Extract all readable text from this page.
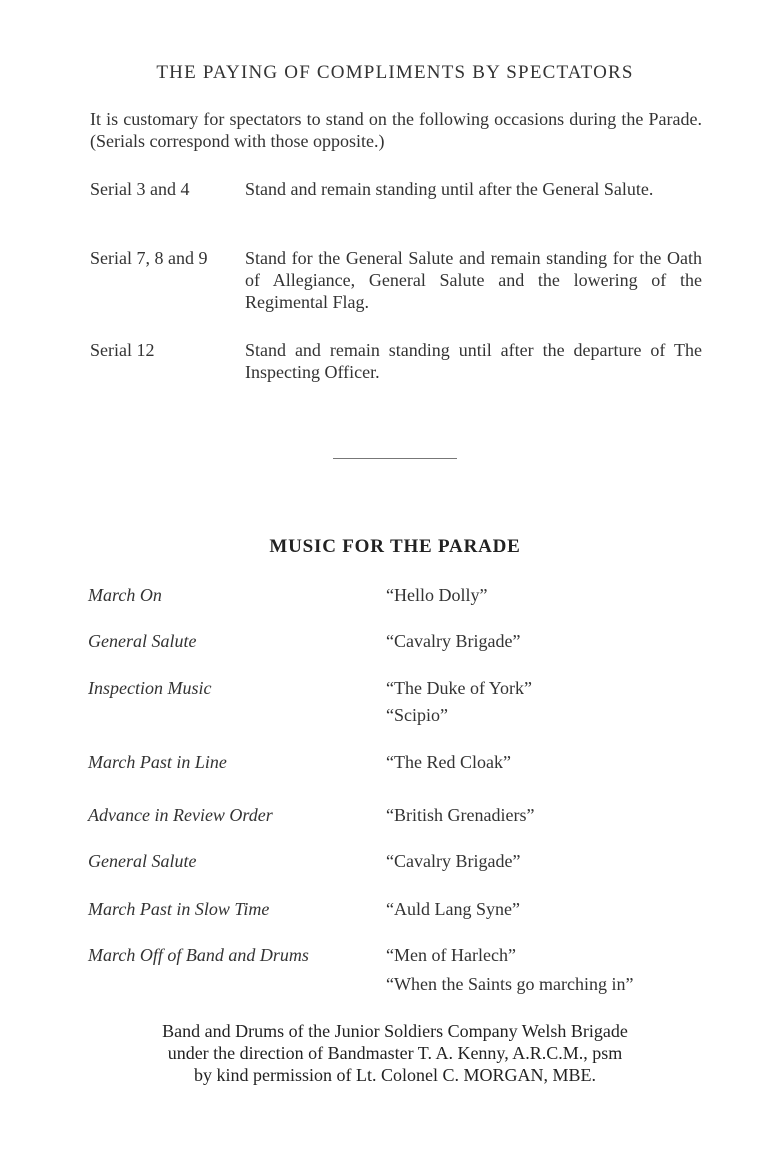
THE PAYING OF COMPLIMENTS BY SPECTATORS
It is customary for spectators to stand on the following occasions during the Parade. (Serials correspond with those opposite.)
Serial 3 and 4	Stand and remain standing until after the General Salute.
Serial 7, 8 and 9	Stand for the General Salute and remain standing for the Oath of Allegiance, General Salute and the lowering of the Regimental Flag.
Serial 12	Stand and remain standing until after the departure of The Inspecting Officer.
MUSIC FOR THE PARADE
March On	“Hello Dolly”
General Salute	“Cavalry Brigade”
Inspection Music	“The Duke of York”
“Scipio”
March Past in Line	“The Red Cloak”
Advance in Review Order	“British Grenadiers”
General Salute	“Cavalry Brigade”
March Past in Slow Time	“Auld Lang Syne”
March Off of Band and Drums	“Men of Harlech”
“When the Saints go marching in”
Band and Drums of the Junior Soldiers Company Welsh Brigade
under the direction of Bandmaster T. A. Kenny, A.R.C.M., psm
by kind permission of Lt. Colonel C. MORGAN, MBE.
